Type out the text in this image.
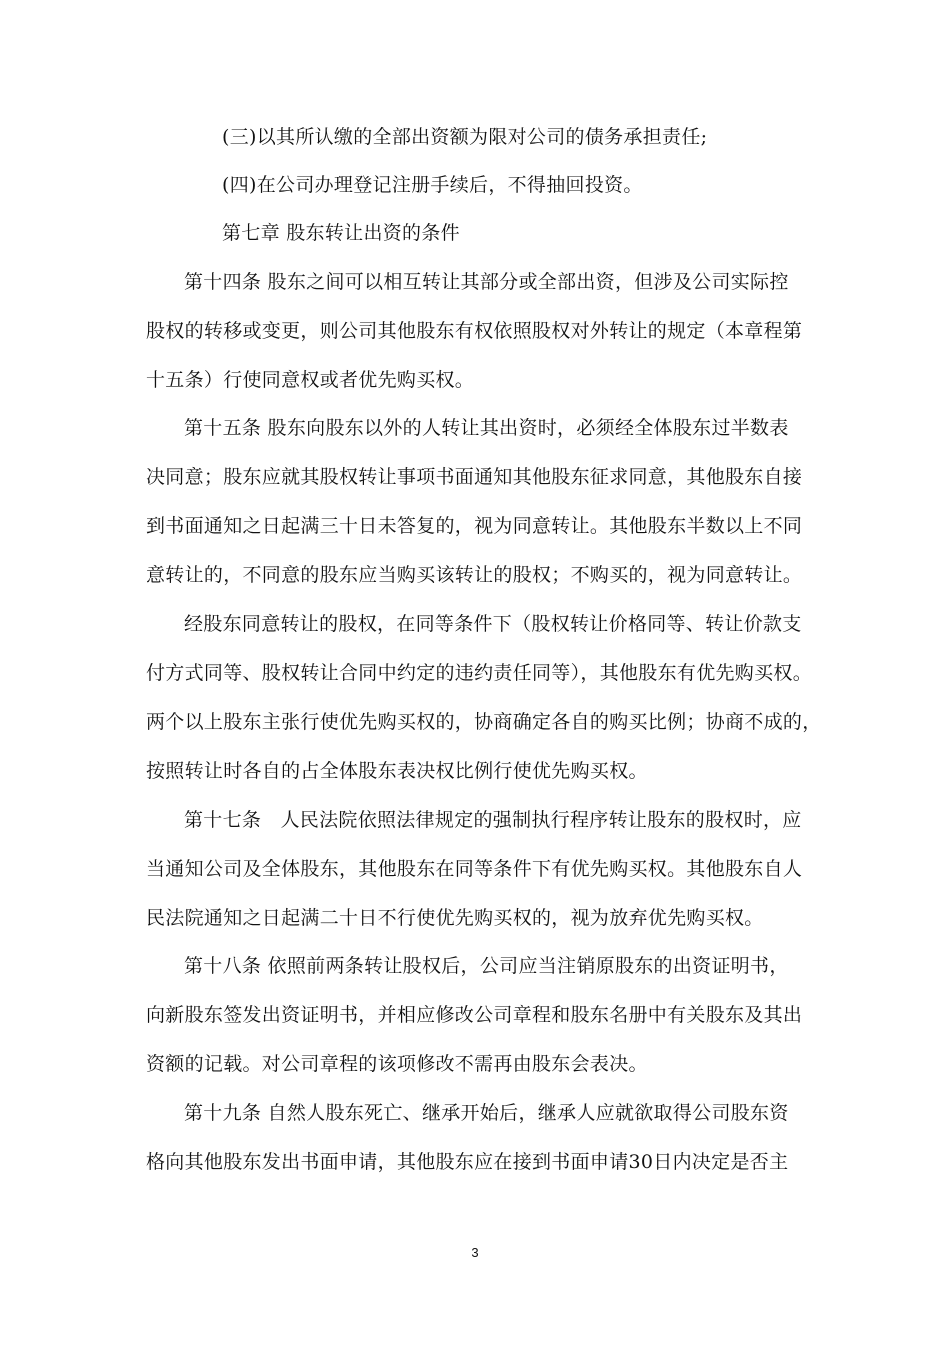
(三)以其所认缴的全部出资额为限对公司的债务承担责任;
(四)在公司办理登记注册手续后，不得抽回投资。
第七章 股东转让出资的条件
第十四条 股东之间可以相互转让其部分或全部出资，但涉及公司实际控
股权的转移或变更，则公司其他股东有权依照股权对外转让的规定（本章程第
十五条）行使同意权或者优先购买权。
第十五条 股东向股东以外的人转让其出资时，必须经全体股东过半数表
决同意；股东应就其股权转让事项书面通知其他股东征求同意，其他股东自接
到书面通知之日起满三十日未答复的，视为同意转让。其他股东半数以上不同
意转让的，不同意的股东应当购买该转让的股权；不购买的，视为同意转让。
经股东同意转让的股权，在同等条件下（股权转让价格同等、转让价款支
付方式同等、股权转让合同中约定的违约责任同等），其他股东有优先购买权。
两个以上股东主张行使优先购买权的，协商确定各自的购买比例；协商不成的，
按照转让时各自的占全体股东表决权比例行使优先购买权。
第十七条　人民法院依照法律规定的强制执行程序转让股东的股权时，应
当通知公司及全体股东，其他股东在同等条件下有优先购买权。其他股东自人
民法院通知之日起满二十日不行使优先购买权的，视为放弃优先购买权。
第十八条 依照前两条转让股权后，公司应当注销原股东的出资证明书，
向新股东签发出资证明书，并相应修改公司章程和股东名册中有关股东及其出
资额的记载。对公司章程的该项修改不需再由股东会表决。
第十九条 自然人股东死亡、继承开始后，继承人应就欲取得公司股东资
格向其他股东发出书面申请，其他股东应在接到书面申请30日内决定是否主
3
